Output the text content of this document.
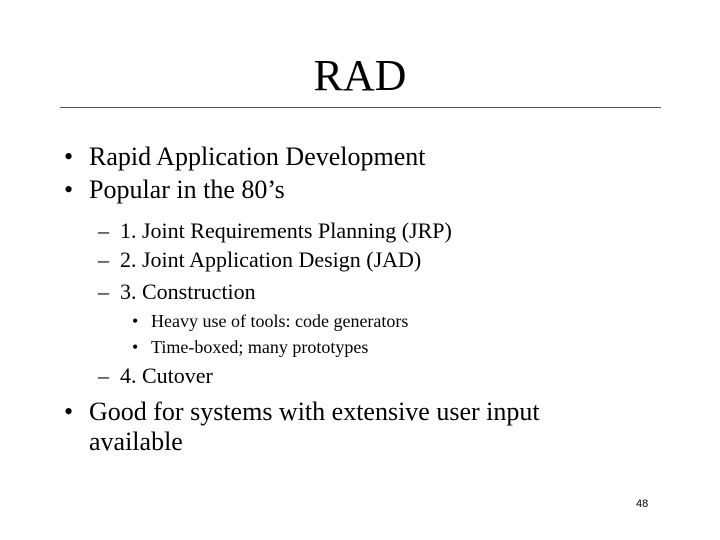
RAD
• Rapid Application Development
• Popular in the 80’s
– 1. Joint Requirements Planning (JRP)
– 2. Joint Application Design (JAD)
– 3. Construction
• Heavy use of tools: code generators
• Time-boxed; many prototypes
– 4. Cutover
• Good for systems with extensive user input
available
48
